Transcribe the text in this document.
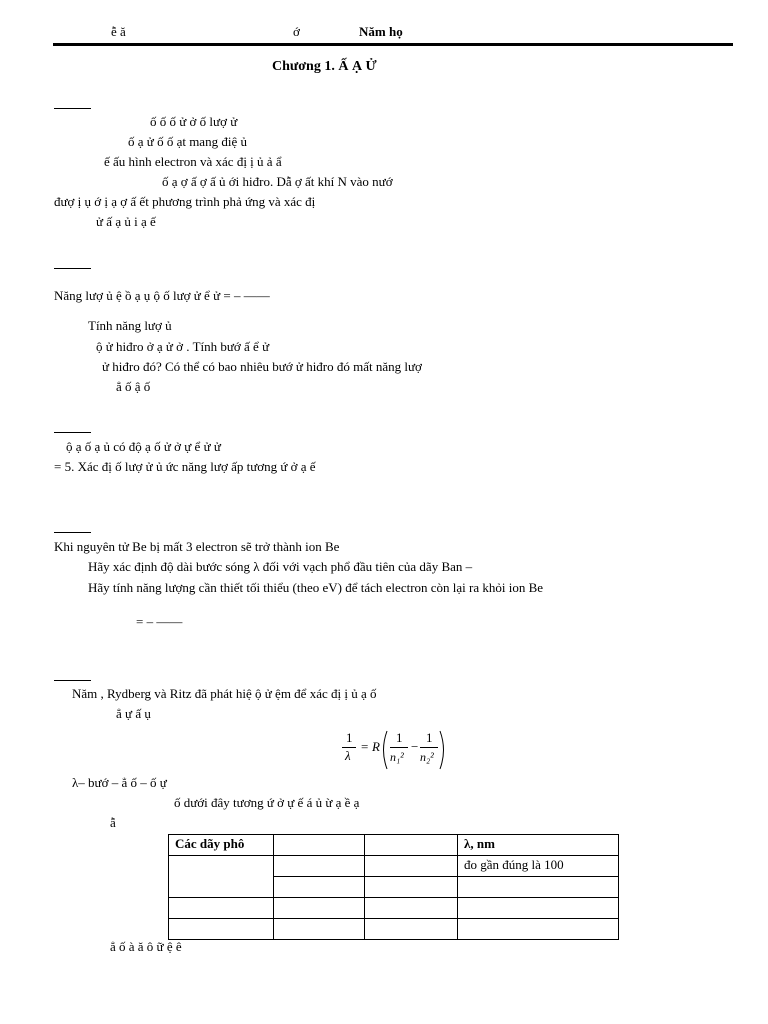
ễ ă	ớ	Năm họ
Chương 1. Ấ Ạ Ử
ố ố ố ử ở ố lượ ử
ố ạ ử ố ố ạt mang điệ ủ
ế ấu hình electron và xác đị ị ủ ả ẩ
ố ạ ợ ấ ợ ấ ủ ới hiđro. Dẫ ợ ất khí N vào nướ
đượ ị ụ ớ ị ạ ợ ấ ết phương trình phả ứng và xác đị
ử ấ ạ ủ i ạ ế
Năng lượ ủ ệ ồ ạ ụ ộ ố lượ ử ể ử = – ——
Tính năng lượ ủ
ộ ử hiđro ở ạ ử ở . Tính bướ ấ ể ử
ử hiđro đó? Có thể có bao nhiêu bướ ử hiđro đó mất năng lượ
ẳ ố ậ ố
ộ ạ ố ạ ủ có độ ạ ố ử ở ự ể ử ử
= 5. Xác đị ố lượ ử ủ ức năng lượ ấp tương ứ ở ạ ế
Khi nguyên tử Be bị mất 3 electron sẽ trở thành ion Be
Hãy xác định độ dài bước sóng λ đối với vạch phổ đầu tiên của dãy Ban –
Hãy tính năng lượng cần thiết tối thiểu (theo eV) để tách electron còn lại ra khỏi ion Be
= – ——
Năm , Rydberg và Ritz đã phát hiệ ộ ử ệm để xác đị ị ủ ạ ố
ẳ ự ấ ụ
1
λ
= R
1
n₁²
−
1
n₂²
λ– bướ – ẳ ố – ố ự
ố dưới đây tương ứ ở ự ế á ủ ừ ạ ề ạ
ẫ
Các dãy phô			λ, nm
			đo gần đúng là 100

ẳ ố à ă ô ữ ệ ê
